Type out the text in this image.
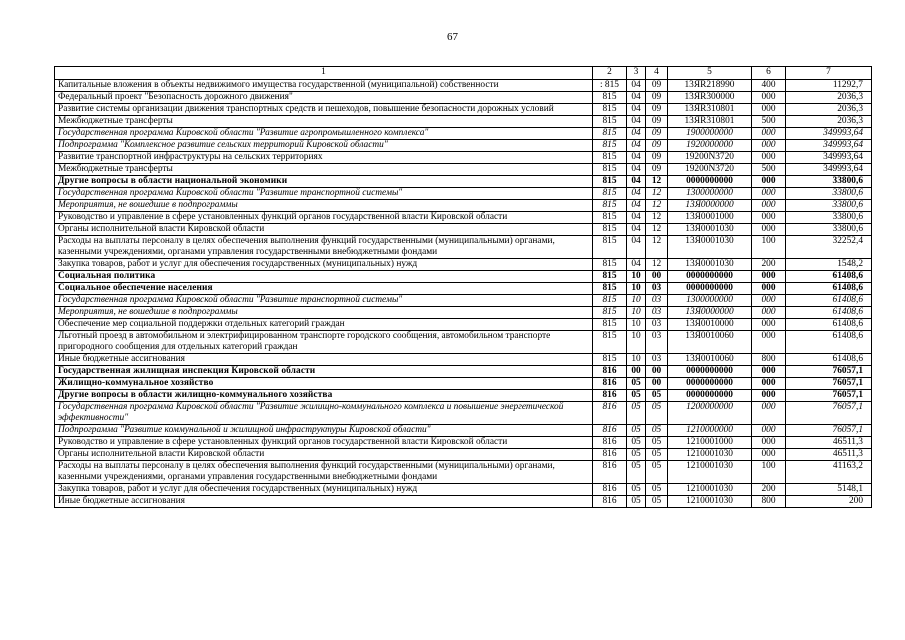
67
1	2	3	4	5	6	7
Капитальные вложения в объекты недвижимого имущества государственной (муниципальной) собственности	: 815	04	09	13ЯR218990	400	11292,7
Федеральный проект "Безопасность дорожного движения"	815	04	09	13ЯR300000	000	2036,3
Развитие системы организации движения транспортных средств и пешеходов, повышение безопасности дорожных условий	815	04	09	13ЯR310801	000	2036,3
Межбюджетные трансферты	815	04	09	13ЯR310801	500	2036,3
Государственная программа Кировской области "Развитие агропромышленного комплекса"	815	04	09	1900000000	000	349993,64
Подпрограмма "Комплексное развитие сельских территорий Кировской области"	815	04	09	1920000000	000	349993,64
Развитие транспортной инфраструктуры на сельских территориях	815	04	09	19200N3720	000	349993,64
Межбюджетные трансферты	815	04	09	19200N3720	500	349993,64
Другие вопросы в области национальной экономики	815	04	12	0000000000	000	33800,6
Государственная программа Кировской области "Развитие транспортной системы"	815	04	12	1300000000	000	33800,6
Мероприятия, не вошедшие в подпрограммы	815	04	12	13Я0000000	000	33800,6
Руководство и управление в сфере установленных функций органов государственной власти Кировской области	815	04	12	13Я0001000	000	33800,6
Органы исполнительной власти Кировской области	815	04	12	13Я0001030	000	33800,6
Расходы на выплаты персоналу в целях обеспечения выполнения функций государственными (муниципальными) органами, казенными учреждениями, органами управления государственными внебюджетными фондами	815	04	12	13Я0001030	100	32252,4
Закупка товаров, работ и услуг для обеспечения государственных (муниципальных) нужд	815	04	12	13Я0001030	200	1548,2
Социальная политика	815	10	00	0000000000	000	61408,6
Социальное обеспечение населения	815	10	03	0000000000	000	61408,6
Государственная программа Кировской области "Развитие транспортной системы"	815	10	03	1300000000	000	61408,6
Мероприятия, не вошедшие в подпрограммы	815	10	03	13Я0000000	000	61408,6
Обеспечение мер социальной поддержки отдельных категорий граждан	815	10	03	13Я0010000	000	61408,6
Льготный проезд в автомобильном и электрифицированном транспорте городского сообщения, автомобильном транспорте пригородного сообщения для отдельных категорий граждан	815	10	03	13Я0010060	000	61408,6
Иные бюджетные ассигнования	815	10	03	13Я0010060	800	61408,6
Государственная жилищная инспекция Кировской области	816	00	00	0000000000	000	76057,1
Жилищно-коммунальное хозяйство	816	05	00	0000000000	000	76057,1
Другие вопросы в области жилищно-коммунального хозяйства	816	05	05	0000000000	000	76057,1
Государственная программа Кировской области "Развитие жилищно-коммунального комплекса и повышение энергетической эффективности"	816	05	05	1200000000	000	76057,1
Подпрограмма "Развитие коммунальной и жилищной инфраструктуры Кировской области"	816	05	05	1210000000	000	76057,1
Руководство и управление в сфере установленных функций органов государственной власти Кировской области	816	05	05	1210001000	000	46511,3
Органы исполнительной власти Кировской области	816	05	05	1210001030	000	46511,3
Расходы на выплаты персоналу в целях обеспечения выполнения функций государственными (муниципальными) органами, казенными учреждениями, органами управления государственными внебюджетными фондами	816	05	05	1210001030	100	41163,2
Закупка товаров, работ и услуг для обеспечения государственных (муниципальных) нужд	816	05	05	1210001030	200	5148,1
Иные бюджетные ассигнования	816	05	05	1210001030	800	200
